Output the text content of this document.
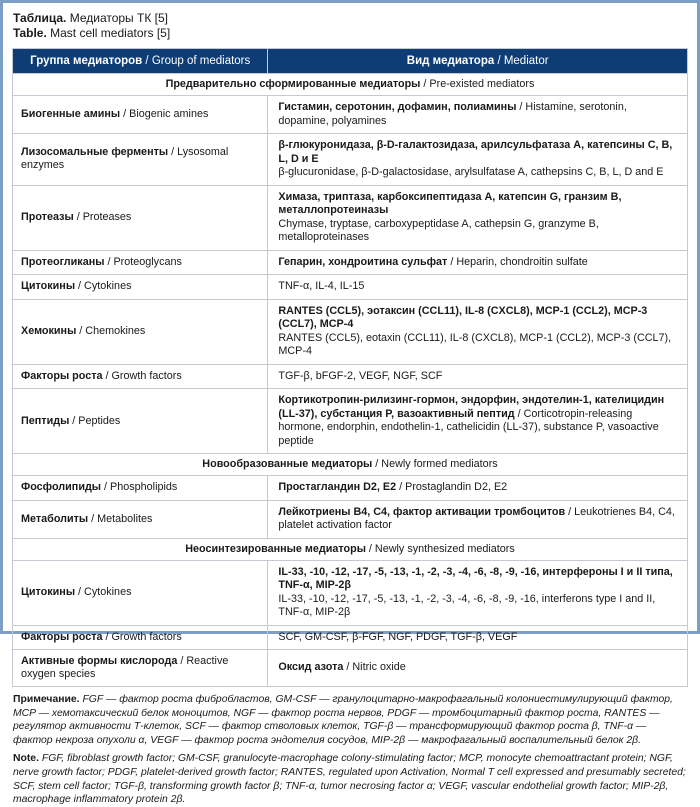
Таблица. Медиаторы ТК [5]
Table. Mast cell mediators [5]
Группа медиаторов / Group of mediators	Вид медиатора / Mediator
Предварительно сформированные медиаторы / Pre-existed mediators	
Биогенные амины / Biogenic amines	Гистамин, серотонин, дофамин, полиамины / Histamine, serotonin, dopamine, polyamines

Лизосомальные ферменты / Lysosomal enzymes	β-глюкуронидаза, β-D-галактозидаза, арилсульфатаза A, катепсины C, B, L, D и E
β-glucuronidase, β-D-galactosidase, arylsulfatase A, cathepsins C, B, L, D and E

Протеазы / Proteases	Химаза, триптаза, карбоксипептидаза A, катепсин G, гранзим B, металлопротеиназы
Chymase, tryptase, carboxypeptidase A, cathepsin G, granzyme B, metalloproteinases

Протеогликаны / Proteoglycans	Гепарин, хондроитина сульфат / Heparin, chondroitin sulfate

Цитокины / Cytokines	TNF-α, IL-4, IL-15

Хемокины / Chemokines	RANTES (CCL5), эотаксин (CCL11), IL-8 (CXCL8), MCP-1 (CCL2), MCP-3 (CCL7), MCP-4
RANTES (CCL5), eotaxin (CCL11), IL-8 (CXCL8), MCP-1 (CCL2), MCP-3 (CCL7), MCP-4

Факторы роста / Growth factors	TGF-β, bFGF-2, VEGF, NGF, SCF

Пептиды / Peptides	Кортикотропин-рилизинг-гормон, эндорфин, эндотелин-1, кателицидин (LL-37), субстанция P, вазоактивный пептид / Corticotropin-releasing hormone, endorphin, endothelin-1, cathelicidin (LL-37), substance P, vasoactive peptide

Новообразованные медиаторы / Newly formed mediators	
Фосфолипиды / Phospholipids	Простагландин D2, E2 / Prostaglandin D2, E2

Метаболиты / Metabolites	Лейкотриены B4, C4, фактор активации тромбоцитов / Leukotrienes B4, C4, platelet activation factor

Неосинтезированные медиаторы / Newly synthesized mediators	
Цитокины / Cytokines	IL-33, -10, -12, -17, -5, -13, -1, -2, -3, -4, -6, -8, -9, -16, интерфероны I и II типа, TNF-α, MIP-2β
IL-33, -10, -12, -17, -5, -13, -1, -2, -3, -4, -6, -8, -9, -16, interferons type I and II, TNF-α, MIP-2β

Факторы роста / Growth factors	SCF, GM-CSF, β-FGF, NGF, PDGF, TGF-β, VEGF

Активные формы кислорода / Reactive oxygen species	Оксид азота / Nitric oxide

Примечание. FGF — фактор роста фибробластов, GM-CSF — гранулоцитарно-макрофагальный колониестимулирующий фактор, MCP — хемотаксический белок моноцитов, NGF — фактор роста нервов, PDGF — тромбоцитарный фактор роста, RANTES — регулятор активности Т-клеток, SCF — фактор стволовых клеток, TGF-β — трансформирующий фактор роста β, TNF-α — фактор некроза опухоли α, VEGF — фактор роста эндотелия сосудов, MIP-2β — макрофагальный воспалительный белок 2β.

Note. FGF, fibroblast growth factor; GM-CSF, granulocyte-macrophage colony-stimulating factor; MCP, monocyte chemoattractant protein; NGF, nerve growth factor; PDGF, platelet-derived growth factor; RANTES, regulated upon Activation, Normal T cell expressed and presumably secreted; SCF, stem cell factor; TGF-β, transforming growth factor β; TNF-α, tumor necrosing factor α; VEGF, vascular endothelial growth factor; MIP-2β, macrophage inflammatory protein 2β.
